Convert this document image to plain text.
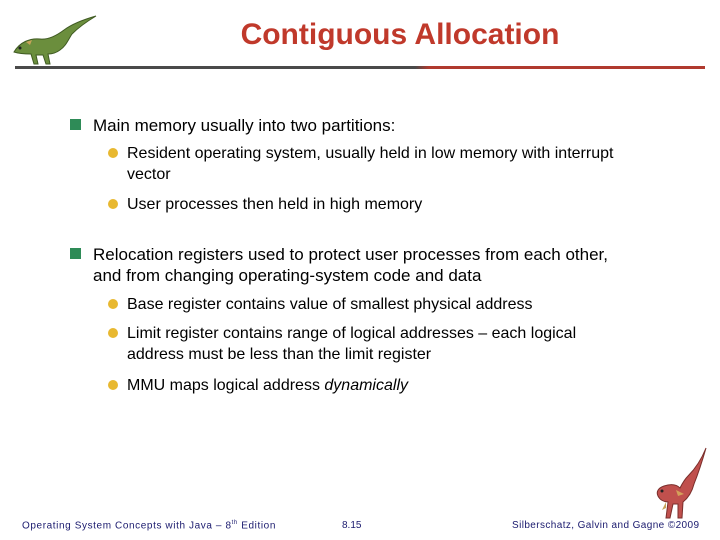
Contiguous Allocation
Main memory usually into two partitions:
Resident operating system, usually held in low memory with interrupt vector
User processes then held in high memory
Relocation registers used to protect user processes from each other, and from changing operating-system code and data
Base register contains value of smallest physical address
Limit register contains range of logical addresses – each logical address must be less than the limit register
MMU maps logical address dynamically
Operating System Concepts with Java – 8th Edition	8.15	Silberschatz, Galvin and Gagne ©2009
